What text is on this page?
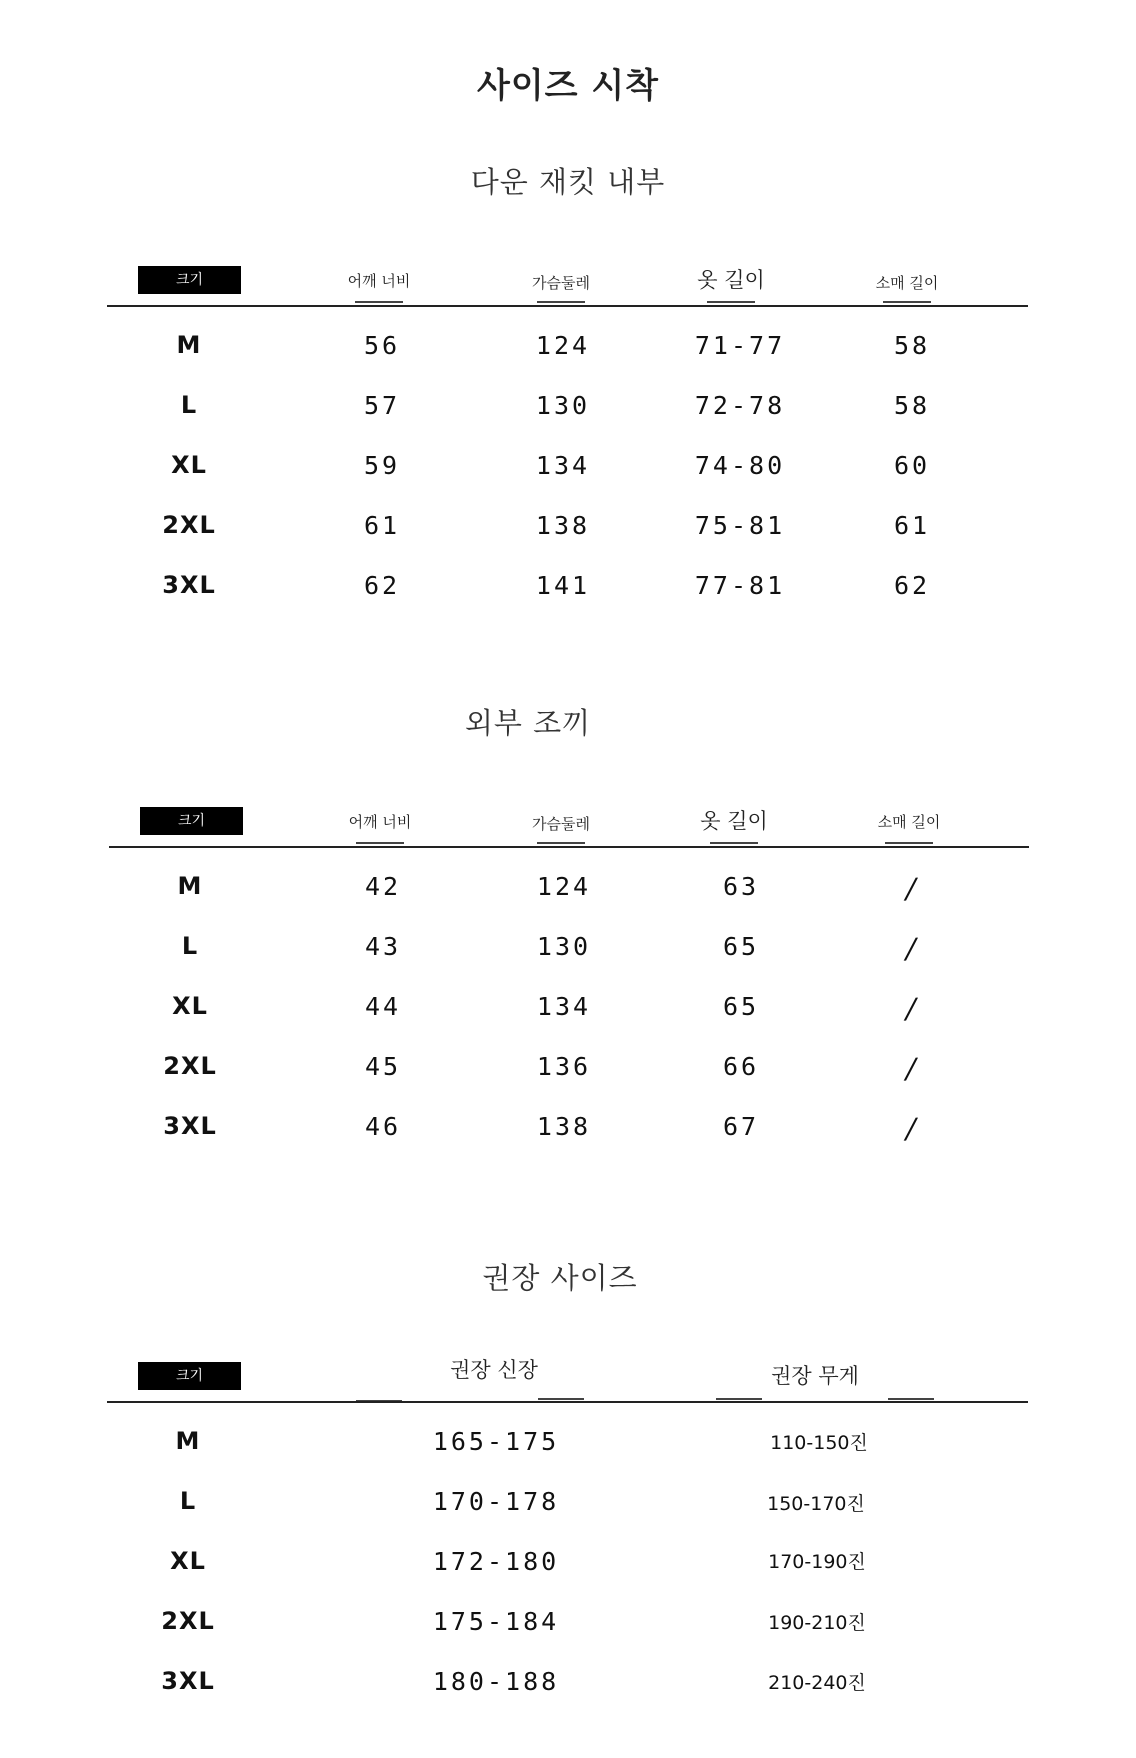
사이즈 시착
다운 재킷 내부
크기	어깨 너비	가슴둘레	옷 길이	소매 길이
M	56	124	71-77	58
L	57	130	72-78	58
XL	59	134	74-80	60
2XL	61	138	75-81	61
3XL	62	141	77-81	62
외부 조끼
크기	어깨 너비	가슴둘레	옷 길이	소매 길이
M	42	124	63	/
L	43	130	65	/
XL	44	134	65	/
2XL	45	136	66	/
3XL	46	138	67	/
권장 사이즈
크기	권장 신장	권장 무게
M	165-175	110-150진
L	170-178	150-170진
XL	172-180	170-190진
2XL	175-184	190-210진
3XL	180-188	210-240진
